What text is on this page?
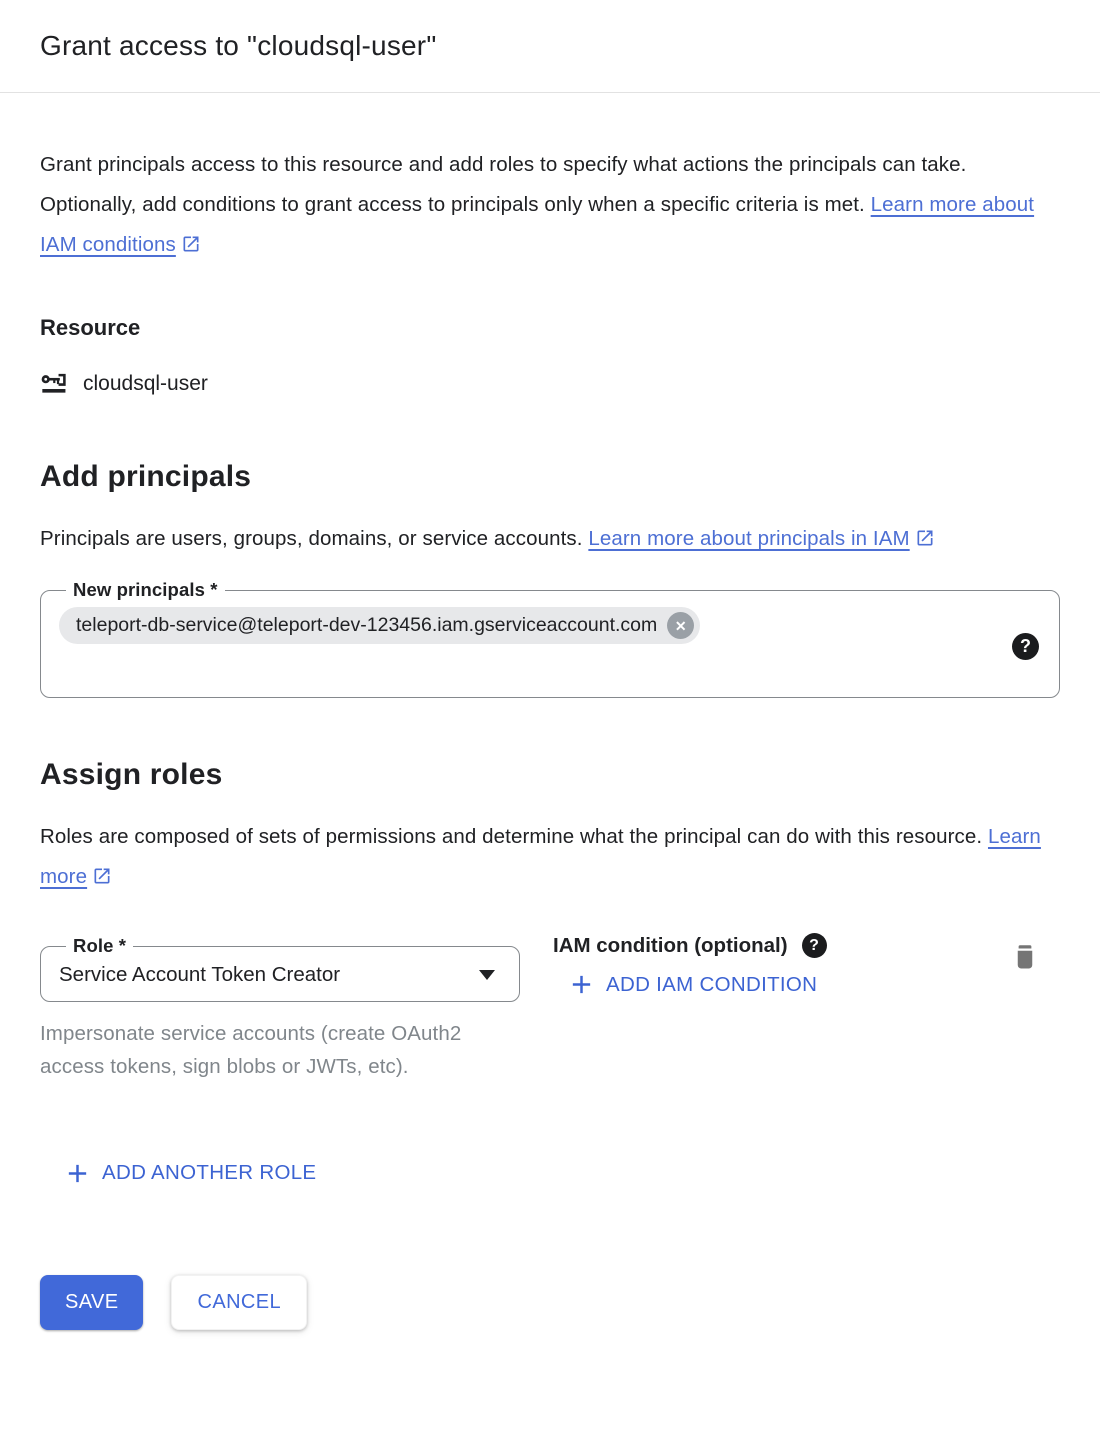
Grant access to "cloudsql-user"

Grant principals access to this resource and add roles to specify what actions the principals can take. Optionally, add conditions to grant access to principals only when a specific criteria is met. Learn more about IAM conditions

Resource
cloudsql-user
Add principals

Principals are users, groups, domains, or service accounts. Learn more about principals in IAM

New principals *
teleport-db-service@teleport-dev-123456.iam.gserviceaccount.com ✕
?
Assign roles

Roles are composed of sets of permissions and determine what the principal can do with this resource. Learn more

Role *
Service Account Token Creator

Impersonate service accounts (create OAuth2 access tokens, sign blobs or JWTs, etc).

IAM condition (optional) ?
ADD IAM CONDITION
ADD ANOTHER ROLE
SAVE	CANCEL
